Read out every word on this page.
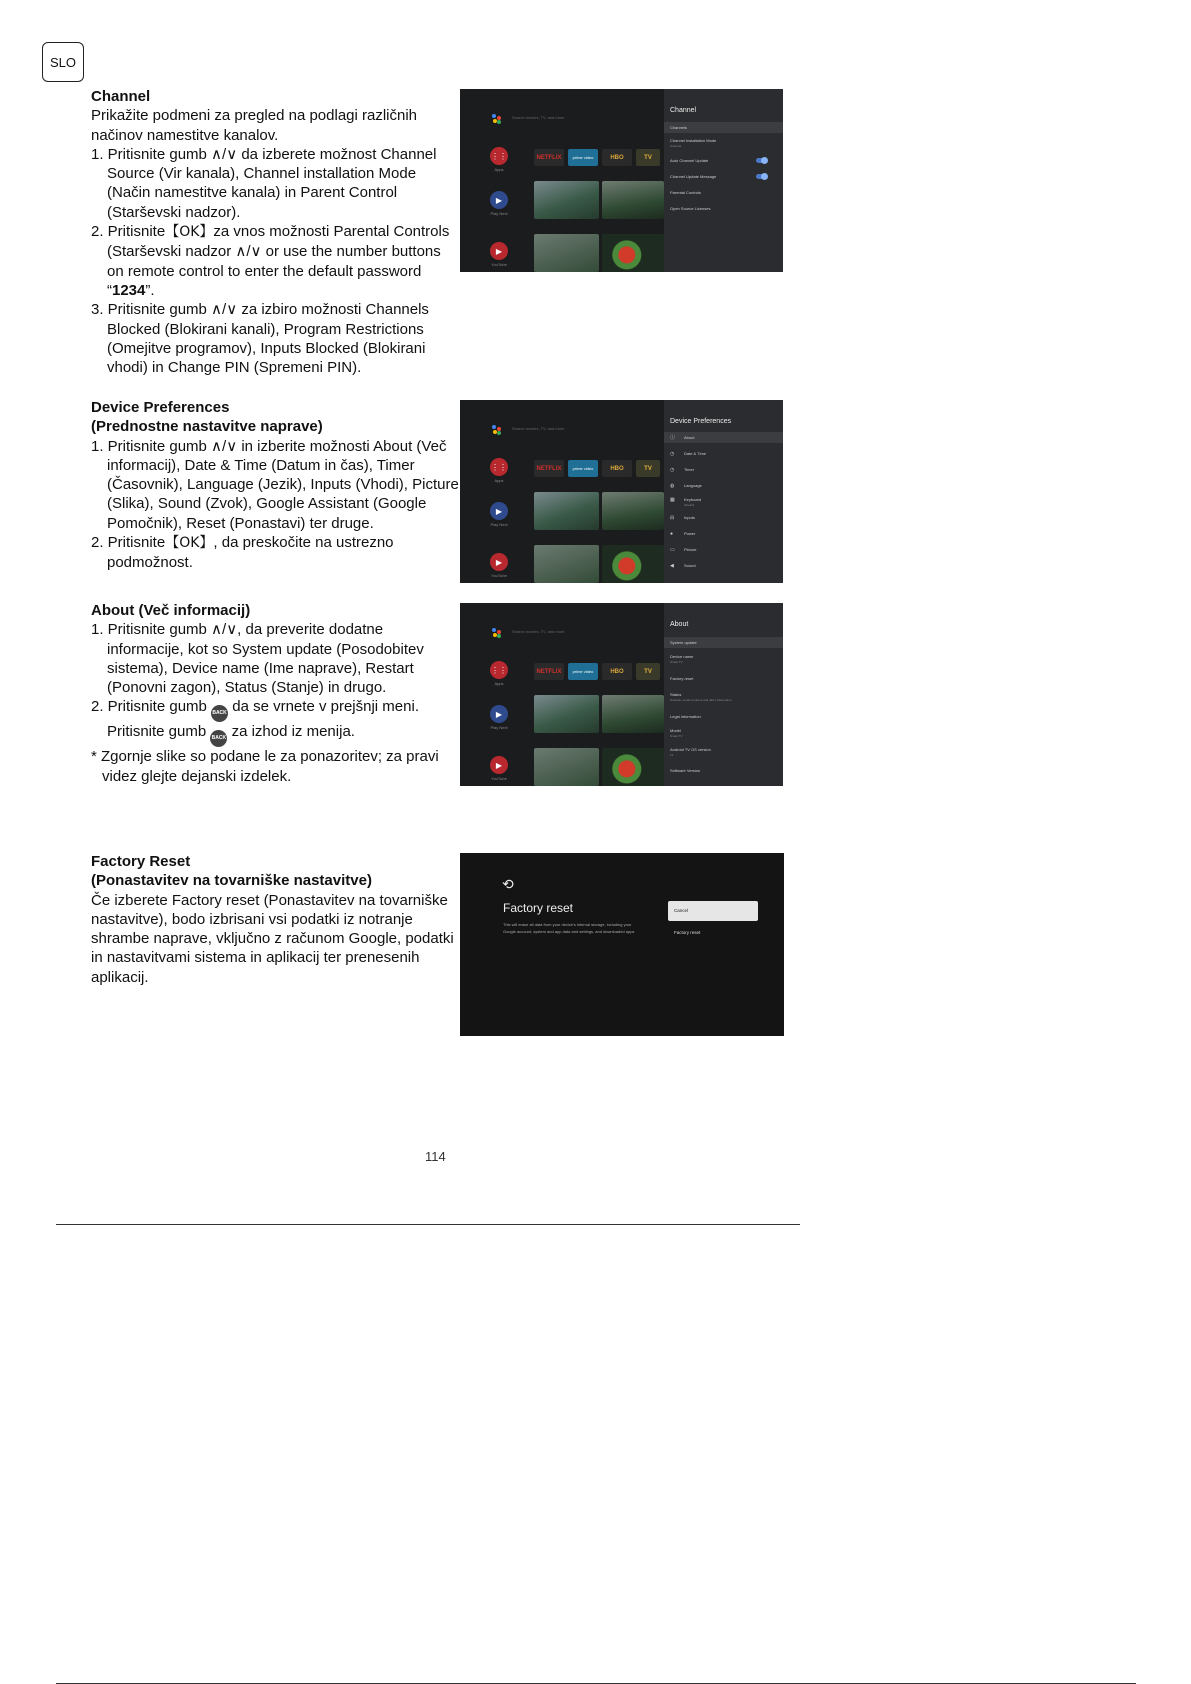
SLO
Channel

Prikažite podmeni za pregled na podlagi različnih načinov namestitve kanalov.

1. Pritisnite gumb ∧/∨ da izberete možnost Channel Source (Vir kanala), Channel installation Mode (Način namestitve kanala) in Parent Control (Starševski nadzor).
2. Pritisnite【OK】za vnos možnosti Parental Controls (Starševski nadzor ∧/∨ or use the number buttons on remote control to enter the default password “1234”.
3. Pritisnite gumb ∧/∨ za izbiro možnosti Channels Blocked (Blokirani kanali), Program Restrictions (Omejitve programov), Inputs Blocked (Blokirani vhodi) in Change PIN (Spremeni PIN).
Device Preferences
(Prednostne nastavitve naprave)
1. Pritisnite gumb ∧/∨ in izberite možnosti About (Več informacij), Date & Time (Datum in čas), Timer (Časovnik), Language (Jezik), Inputs (Vhodi), Picture (Slika), Sound (Zvok), Google Assistant (Google Pomočnik), Reset (Ponastavi) ter druge.
2. Pritisnite【OK】, da preskočite na ustrezno podmožnost.
About (Več informacij)
1. Pritisnite gumb ∧/∨, da preverite dodatne informacije, kot so System update (Posodobitev sistema), Device name (Ime naprave), Restart (Ponovni zagon), Status (Stanje) in drugo.
2. Pritisnite gumb BACK da se vrnete v prejšnji meni.
Pritisnite gumb BACK za izhod iz menija.

* Zgornje slike so podane le za ponazoritev; za pravi videz glejte dejanski izdelek.

Factory Reset
(Ponastavitev na tovarniške nastavitve)

Če izberete Factory reset (Ponastavitev na tovarniške nastavitve), bodo izbrisani vsi podatki iz notranje shrambe naprave, vključno z računom Google, podatki in nastavitvami sistema in aplikacij ter prenesenih aplikacij.

Search movies, TV, and more
⋮⋮
Apps
▶
Play Next
▶
YouTube
NETFLIX	prime video	HBO	TV
Channel
Channels
Channel Installation Mode
Antenna
Auto Channel Update
Channel Update Message
Parental Controls
Open Source Licenses
Search movies, TV, and more
⋮⋮
Apps
▶
Play Next
▶
YouTube
NETFLIX	prime video	HBO	TV
Device Preferences
ⓘ About
◷ Date & Time
◷ Timer
◍ Language
▦ Keyboard
Gboard
⊟ Inputs
●	Power
▭ Picture
◀	Sound
Search movies, TV, and more
⋮⋮
Apps
▶
Play Next
▶
YouTube
NETFLIX	prime video	HBO	TV
About
System update
Device name
Smart TV
Factory reset
Status
Network, serial numbers and other information
Legal information
Model
Smart TV
Android TV OS version
11
Software Version
⟲
Factory reset
This will erase all data from your device's internal storage, including your Google account, system and app data and settings, and downloaded apps
Cancel
Factory reset
114
